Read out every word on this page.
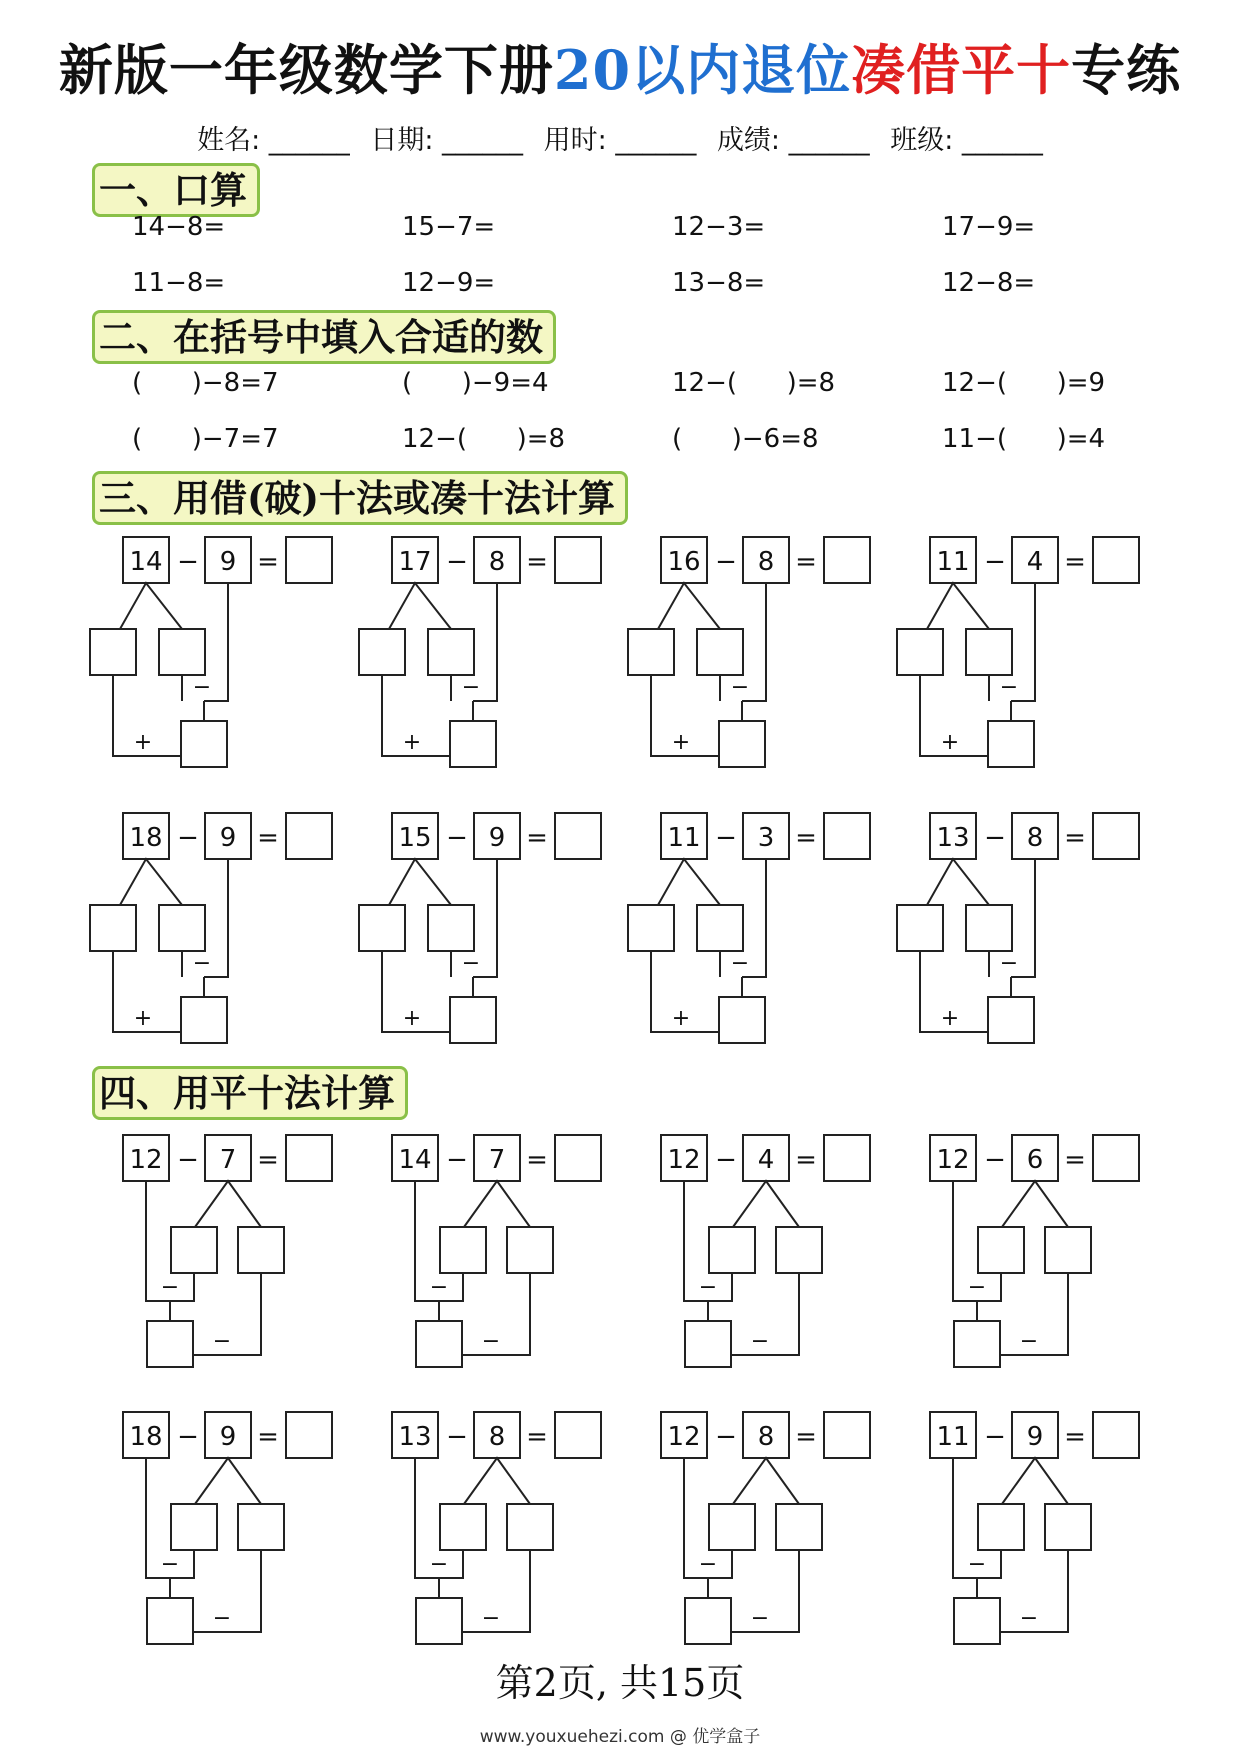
新版一年级数学下册20以内退位凑借平十专练
姓名: ______ 日期: ______ 用时: ______ 成绩: ______ 班级: ______
一、口算
14−8=	15−7=	12−3=	17−9=
11−8=	12−9=	13−8=	12−8=
二、在括号中填入合适的数
(      )−8=7	(      )−9=4	12−(      )=8	12−(      )=9
(      )−7=7	12−(      )=8	(      )−6=8	11−(      )=4
三、用借(破)十法或凑十法计算
四、用平十法计算
14 − 9 =
−
+
17 − 8 =
−
+
16 − 8 =
−
+
11 − 4 =
−
+
18 − 9 =
−
+
15 − 9 =
−
+
11 − 3 =
−
+
13 − 8 =
−
+
12 − 7 =
−
−
14 − 7 =
−
−
12 − 4 =
−
−
12 − 6 =
−
−
18 − 9 =
−
−
13 − 8 =
−
−
12 − 8 =
−
−
11 − 9 =
−
−
第2页, 共15页
www.youxuehezi.com @ 优学盒子
